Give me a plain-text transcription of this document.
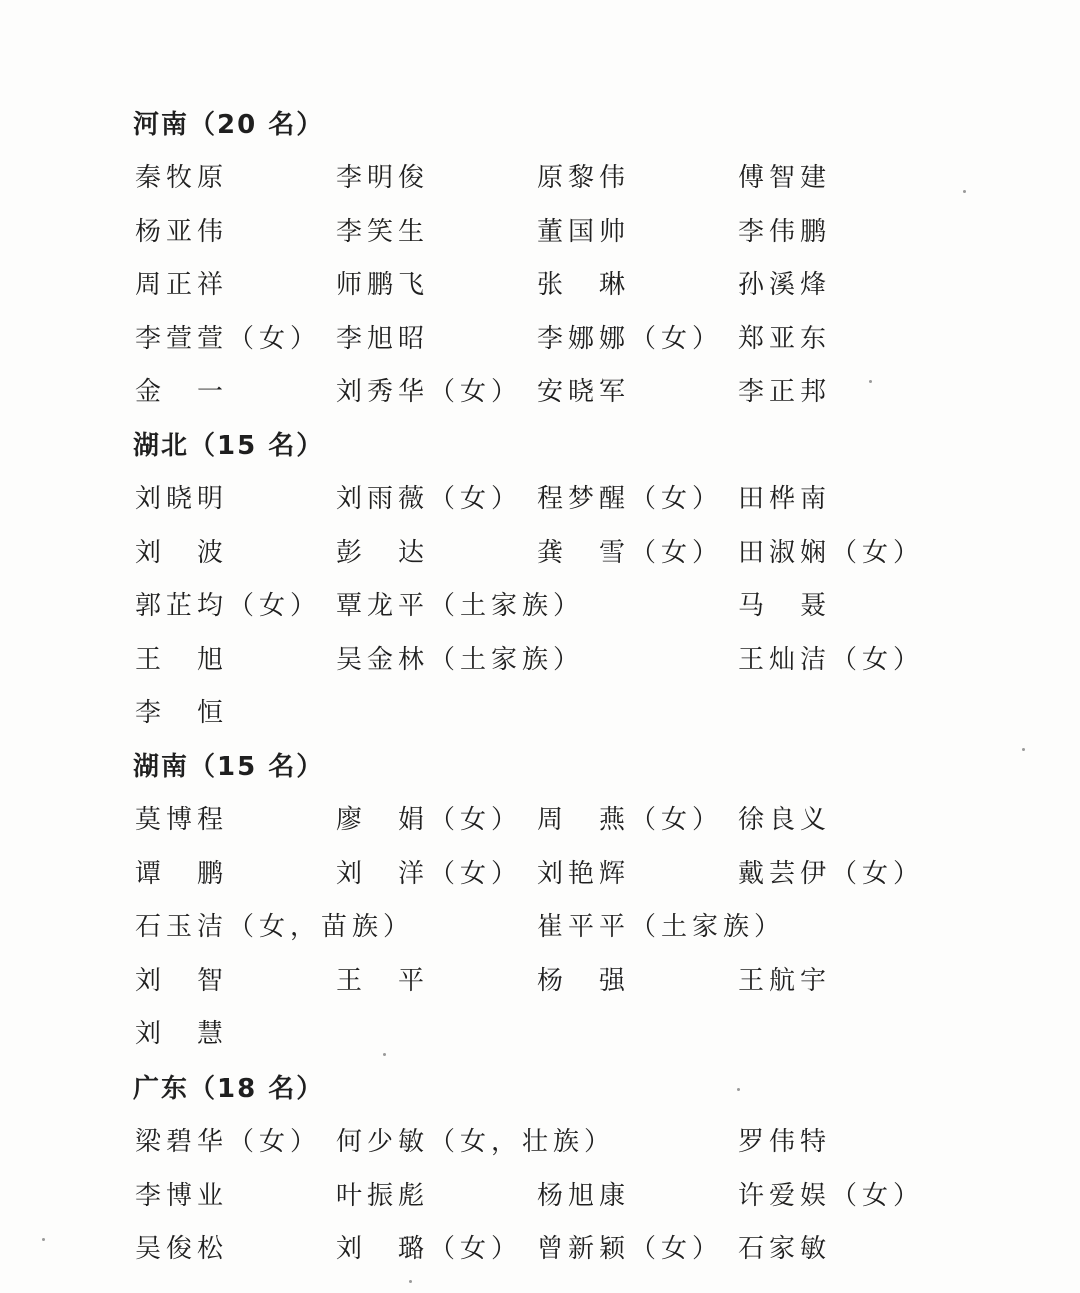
河南（20 名）
秦牧原	李明俊	原黎伟	傅智建
杨亚伟	李笑生	董国帅	李伟鹏
周正祥	师鹏飞	张　琳	孙溪烽
李萱萱（女） 李旭昭	李娜娜（女） 郑亚东
金　一	刘秀华（女） 安晓军	李正邦
湖北（15 名）
刘晓明	刘雨薇（女） 程梦醒（女） 田桦南
刘　波	彭　达	龚　雪（女） 田淑娴（女）
郭芷均（女） 覃龙平（土家族）	马　聂
王　旭	吴金林（土家族）	王灿洁（女）
李　恒
湖南（15 名）
莫博程	廖　娟（女） 周　燕（女） 徐良义
谭　鹏	刘　洋（女） 刘艳辉	戴芸伊（女）
石玉洁（女，苗族）	崔平平（土家族）
刘　智	王　平	杨　强	王航宇
刘　慧
广东（18 名）
梁碧华（女） 何少敏（女，壮族）	罗伟特
李博业	叶振彪	杨旭康	许爱娱（女）
吴俊松	刘　璐（女） 曾新颖（女） 石家敏
